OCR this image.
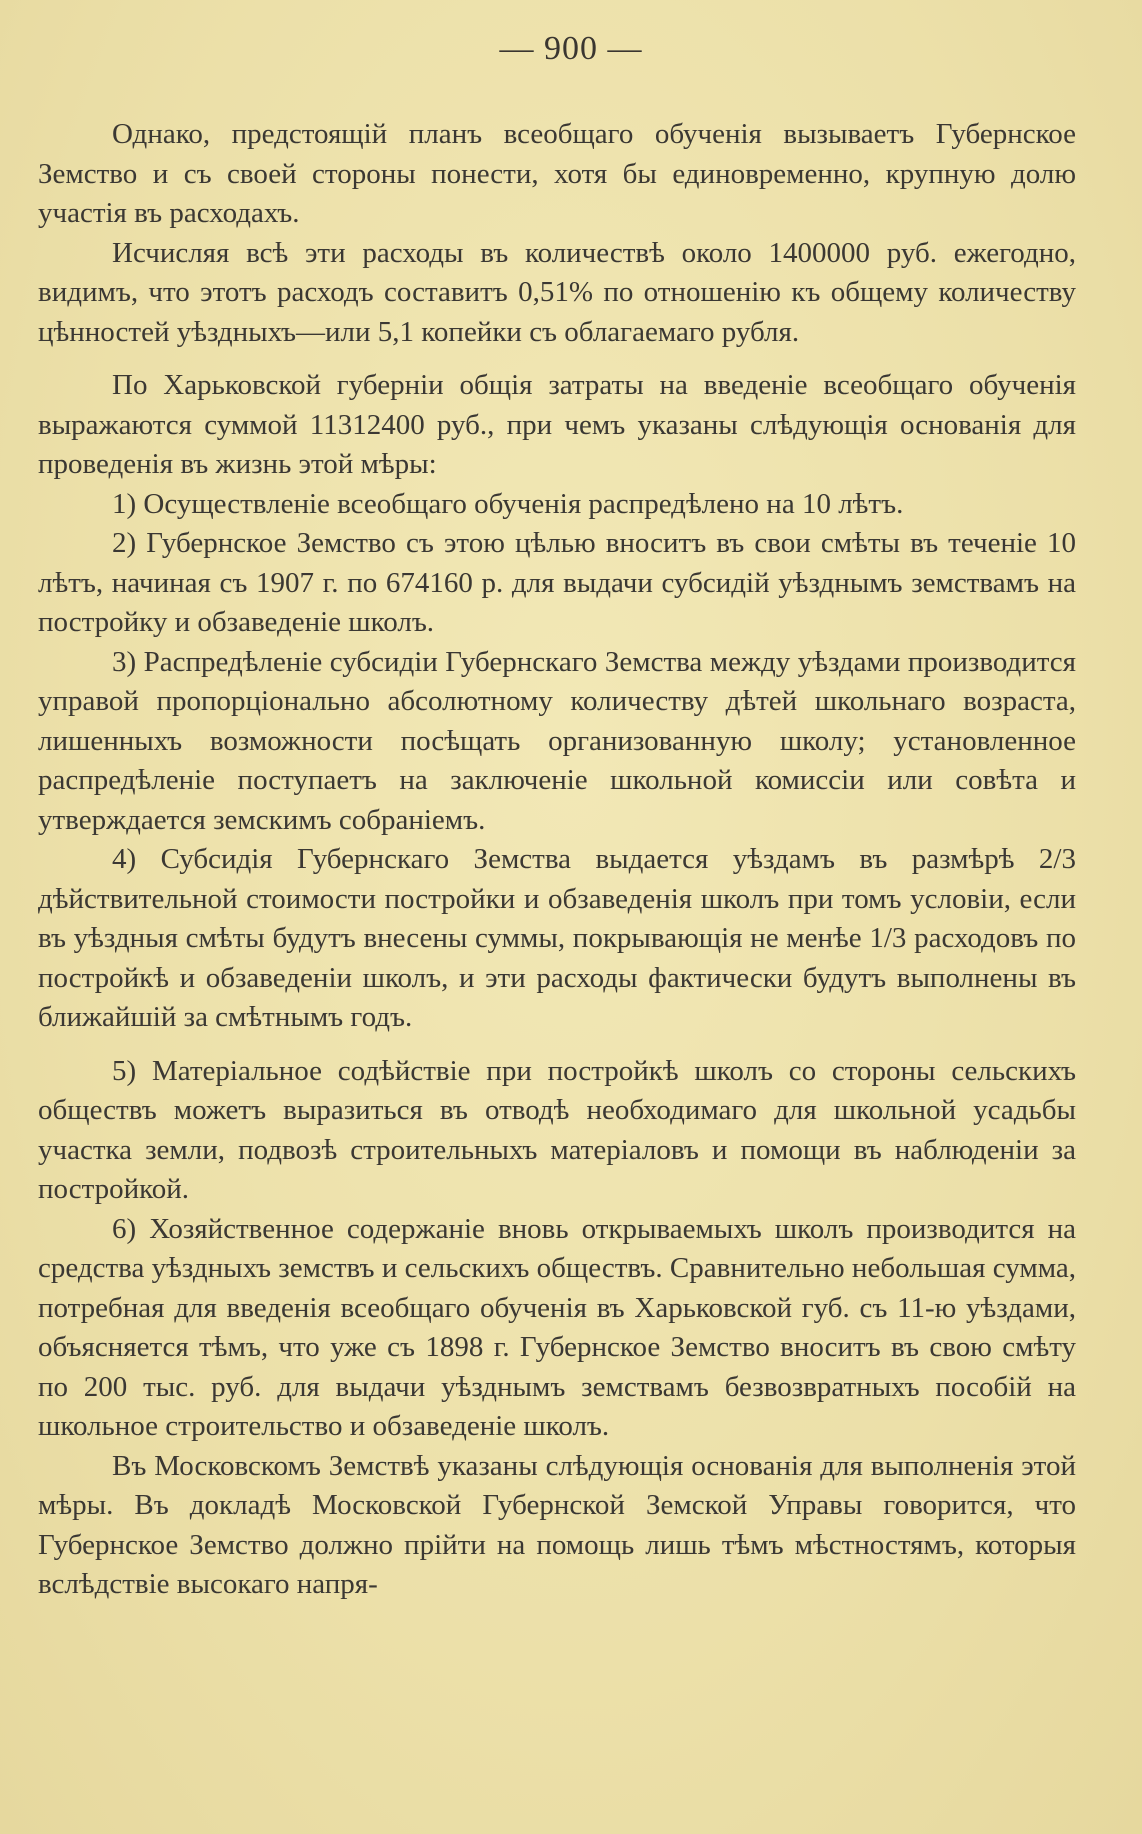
— 900 —

Однако, предстоящій планъ всеобщаго обученія вызываетъ Губернское Земство и съ своей стороны понести, хотя бы единовременно, крупную долю участія въ расходахъ.

Исчисляя всѣ эти расходы въ количествѣ около 1400000 руб. ежегодно, видимъ, что этотъ расходъ составитъ 0,51% по отношенію къ общему количеству цѣнностей уѣздныхъ—или 5,1 копейки съ облагаемаго рубля.

По Харьковской губерніи общія затраты на введеніе всеобщаго обученія выражаются суммой 11312400 руб., при чемъ указаны слѣдующія основанія для проведенія въ жизнь этой мѣры:

1) Осуществленіе всеобщаго обученія распредѣлено на 10 лѣтъ.

2) Губернское Земство съ этою цѣлью вноситъ въ свои смѣты въ теченіе 10 лѣтъ, начиная съ 1907 г. по 674160 р. для выдачи субсидій уѣзднымъ земствамъ на постройку и обзаведеніе школъ.

3) Распредѣленіе субсидіи Губернскаго Земства между уѣздами производится управой пропорціонально абсолютному количеству дѣтей школьнаго возраста, лишенныхъ возможности посѣщать организованную школу; установленное распредѣленіе поступаетъ на заключеніе школьной комиссіи или совѣта и утверждается земскимъ собраніемъ.

4) Субсидія Губернскаго Земства выдается уѣздамъ въ размѣрѣ 2/3 дѣйствительной стоимости постройки и обзаведенія школъ при томъ условіи, если въ уѣздныя смѣты будутъ внесены суммы, покрывающія не менѣе 1/3 расходовъ по постройкѣ и обзаведеніи школъ, и эти расходы фактически будутъ выполнены въ ближайшій за смѣтнымъ годъ.

5) Матеріальное содѣйствіе при постройкѣ школъ со стороны сельскихъ обществъ можетъ выразиться въ отводѣ необходимаго для школьной усадьбы участка земли, подвозѣ строительныхъ матеріаловъ и помощи въ наблюденіи за постройкой.

6) Хозяйственное содержаніе вновь открываемыхъ школъ производится на средства уѣздныхъ земствъ и сельскихъ обществъ. Сравнительно небольшая сумма, потребная для введенія всеобщаго обученія въ Харьковской губ. съ 11-ю уѣздами, объясняется тѣмъ, что уже съ 1898 г. Губернское Земство вноситъ въ свою смѣту по 200 тыс. руб. для выдачи уѣзднымъ земствамъ безвозвратныхъ пособій на школьное строительство и обзаведеніе школъ.

Въ Московскомъ Земствѣ указаны слѣдующія основанія для выполненія этой мѣры. Въ докладѣ Московской Губернской Земской Управы говорится, что Губернское Земство должно прійти на помощь лишь тѣмъ мѣстностямъ, которыя вслѣдствіе высокаго напря-
